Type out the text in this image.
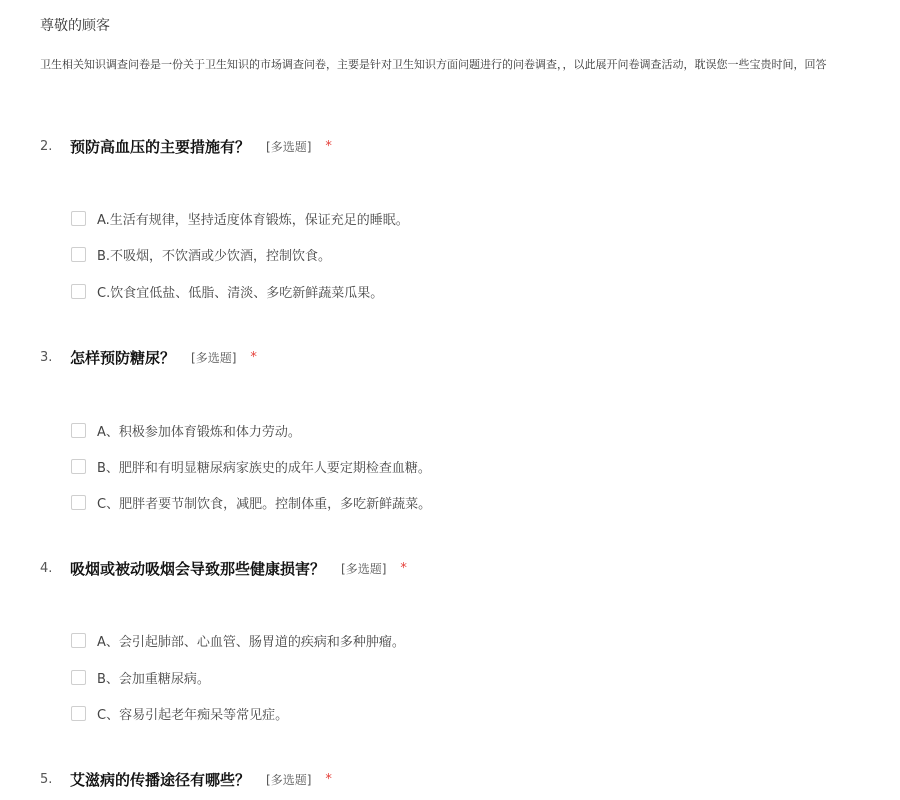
尊敬的顾客
卫生相关知识调查问卷是一份关于卫生知识的市场调查问卷，主要是针对卫生知识方面问题进行的问卷调查，，以此展开问卷调查活动，耽误您一些宝贵时间，回答
2.	预防高血压的主要措施有？ [多选题] *
A.生活有规律，坚持适度体育锻炼，保证充足的睡眠。
B.不吸烟，不饮酒或少饮酒，控制饮食。
C.饮食宜低盐、低脂、清淡、多吃新鲜蔬菜瓜果。
3.	怎样预防糖尿？ [多选题] *
A、积极参加体育锻炼和体力劳动。
B、肥胖和有明显糖尿病家族史的成年人要定期检查血糖。
C、肥胖者要节制饮食，减肥。控制体重，多吃新鲜蔬菜。
4.	吸烟或被动吸烟会导致那些健康损害？ [多选题] *
A、会引起肺部、心血管、肠胃道的疾病和多种肿瘤。
B、会加重糖尿病。
C、容易引起老年痴呆等常见症。
5.	艾滋病的传播途径有哪些？ [多选题] *
